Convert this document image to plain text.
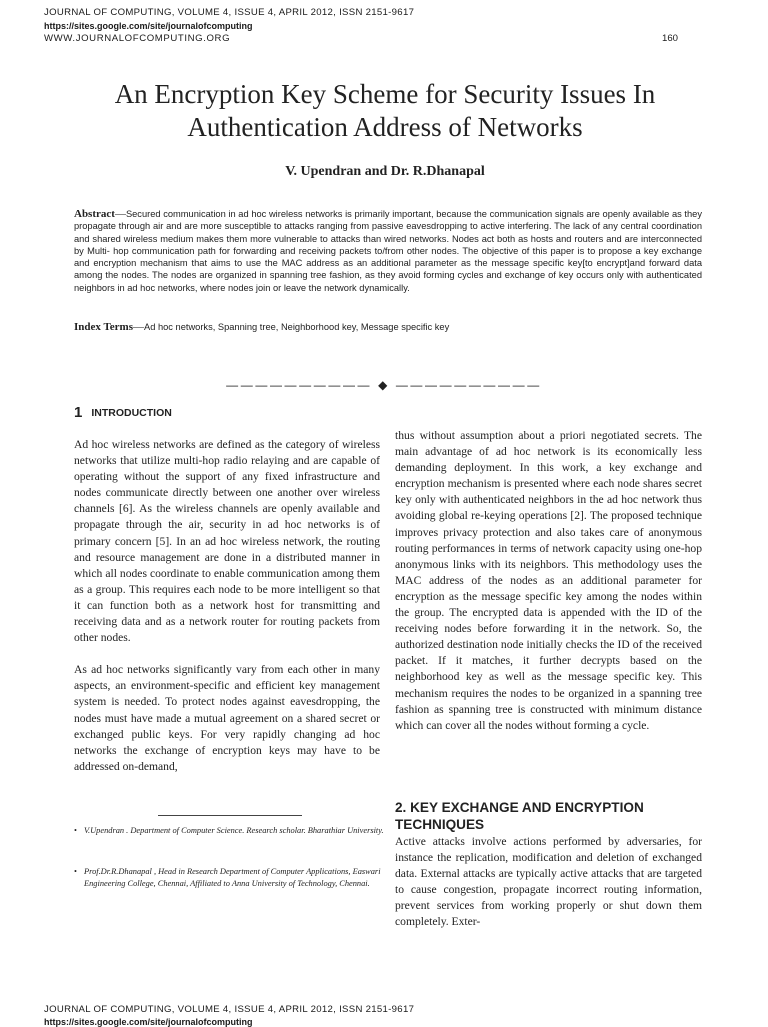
JOURNAL OF COMPUTING, VOLUME 4, ISSUE 4, APRIL 2012, ISSN 2151-9617
https://sites.google.com/site/journalofcomputing
WWW.JOURNALOFCOMPUTING.ORG	160
An Encryption Key Scheme for Security Issues In
Authentication Address of Networks
V. Upendran and Dr. R.Dhanapal
Abstract—Secured communication in ad hoc wireless networks is primarily important, because the communication signals are openly available as they propagate through air and are more susceptible to attacks ranging from passive eavesdropping to active interfering. The lack of any central coordination and shared wireless medium makes them more vulnerable to attacks than wired networks. Nodes act both as hosts and routers and are interconnected by Multi- hop communication path for forwarding and receiving packets to/from other nodes. The objective of this paper is to propose a key exchange and encryption mechanism that aims to use the MAC address as an additional parameter as the message specific key[to encrypt]and forward data among the nodes. The nodes are organized in spanning tree fashion, as they avoid forming cycles and exchange of key occurs only with authenticated neighbors in ad hoc networks, where nodes join or leave the network dynamically.
Index Terms—Ad hoc networks, Spanning tree, Neighborhood key, Message specific key
—————————— ◆ ——————————
1 INTRODUCTION

Ad hoc wireless networks are defined as the category of wireless networks that utilize multi-hop radio relaying and are capable of operating without the support of any fixed infrastructure and nodes communicate directly between one another over wireless channels [6]. As the wireless channels are openly available and propagate through the air, security in ad hoc networks is of primary concern [5]. In an ad hoc wireless network, the routing and resource management are done in a distributed manner in which all nodes coordinate to enable communication among them as a group. This requires each node to be more intelligent so that it can function both as a network host for transmitting and receiving data and as a network router for routing packets from other nodes.

As ad hoc networks significantly vary from each other in many aspects, an environment-specific and efficient key management system is needed. To protect nodes against eavesdropping, the nodes must have made a mutual agreement on a shared secret or exchanged public keys. For very rapidly changing ad hoc networks the exchange of encryption keys may have to be addressed on-demand,

• V.Upendran . Department of Computer Science. Research scholar. Bharathiar University.
• Prof.Dr.R.Dhanapal , Head in Research Department of Computer Applications, Easwari Engineering College, Chennai, Affiliated to Anna University of Technology, Chennai.

thus without assumption about a priori negotiated secrets. The main advantage of ad hoc network is its economically less demanding deployment. In this work, a key exchange and encryption mechanism is presented where each node shares secret key only with authenticated neighbors in the ad hoc network thus avoiding global re-keying operations [2]. The proposed technique improves privacy protection and also takes care of anonymous routing performances in terms of network capacity using one-hop anonymous links with its neighbors. This methodology uses the MAC address of the nodes as an additional parameter for encryption as the message specific key among the nodes within the group. The encrypted data is appended with the ID of the receiving nodes before forwarding it in the network. So, the authorized destination node initially checks the ID of the received packet. If it matches, it further decrypts based on the neighborhood key as well as the message specific key. This mechanism requires the nodes to be organized in a spanning tree fashion as spanning tree is constructed with minimum distance which can cover all the nodes without forming a cycle.

2. KEY EXCHANGE AND ENCRYPTION
TECHNIQUES

Active attacks involve actions performed by adversaries, for instance the replication, modification and deletion of exchanged data. External attacks are typically active attacks that are targeted to cause congestion, propagate incorrect routing information, prevent services from working properly or shut down them completely. Exter-

JOURNAL OF COMPUTING, VOLUME 4, ISSUE 4, APRIL 2012, ISSN 2151-9617
https://sites.google.com/site/journalofcomputing
